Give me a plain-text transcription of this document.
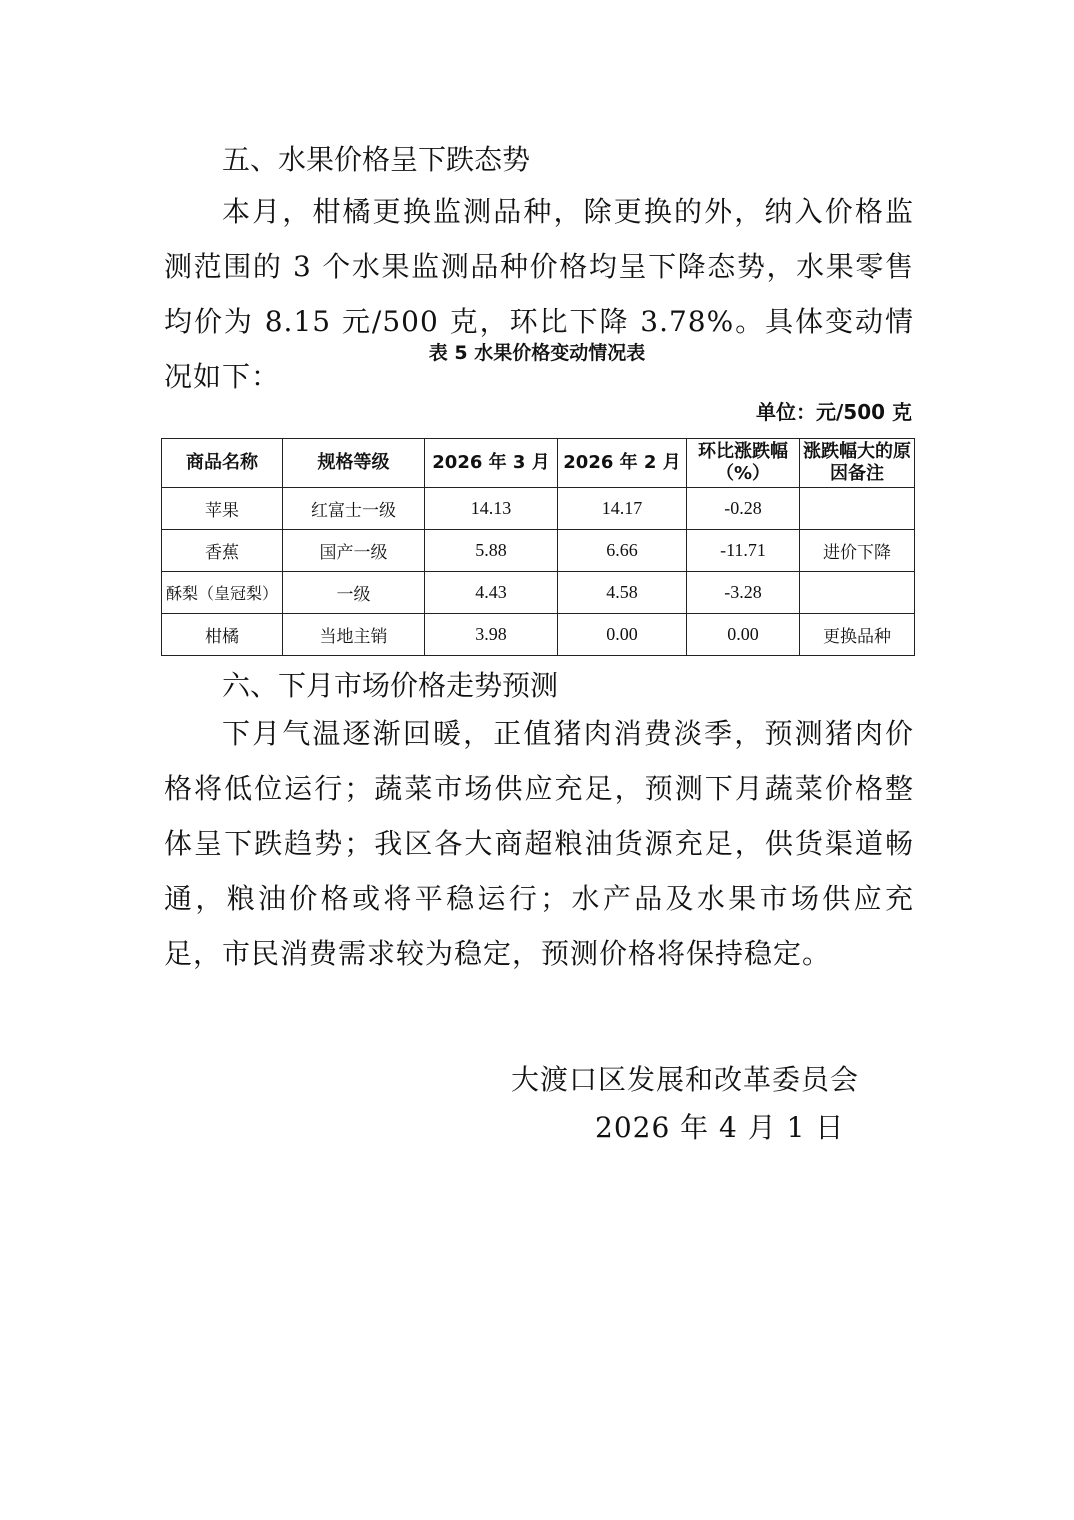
五、水果价格呈下跌态势
本月，柑橘更换监测品种，除更换的外，纳入价格监测范围的 3 个水果监测品种价格均呈下降态势，水果零售均价为 8.15 元/500 克，环比下降 3.78%。具体变动情况如下：
表 5 水果价格变动情况表
单位：元/500 克
商品名称	规格等级	2026 年 3 月	2026 年 2 月	环比涨跌幅（%）	涨跌幅大的原因备注
苹果	红富士一级	14.13	14.17	-0.28	
香蕉	国产一级	5.88	6.66	-11.71	进价下降
酥梨（皇冠梨）	一级	4.43	4.58	-3.28	
柑橘	当地主销	3.98	0.00	0.00	更换品种
六、下月市场价格走势预测
下月气温逐渐回暖，正值猪肉消费淡季，预测猪肉价格将低位运行；蔬菜市场供应充足，预测下月蔬菜价格整体呈下跌趋势；我区各大商超粮油货源充足，供货渠道畅通，粮油价格或将平稳运行；水产品及水果市场供应充足，市民消费需求较为稳定，预测价格将保持稳定。
大渡口区发展和改革委员会
2026 年 4 月 1 日
